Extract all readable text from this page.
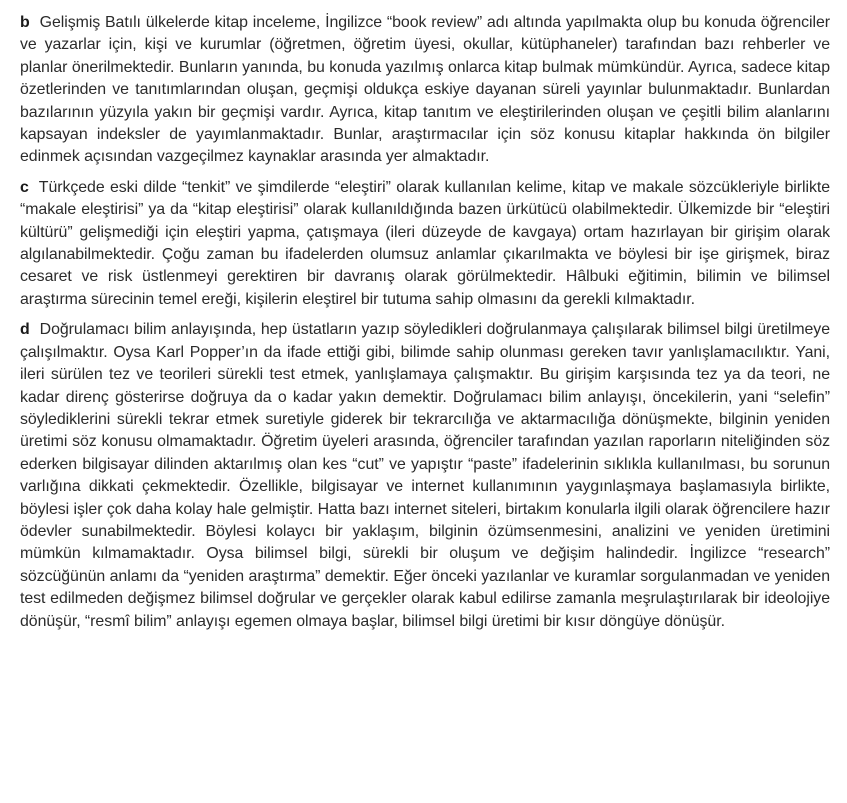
b Gelişmiş Batılı ülkelerde kitap inceleme, İngilizce “book review” adı altında yapılmakta olup bu konuda öğrenciler ve yazarlar için, kişi ve kurumlar (öğretmen, öğretim üyesi, okullar, kütüphaneler) tarafından bazı rehberler ve planlar önerilmektedir. Bunların yanında, bu konuda yazılmış onlarca kitap bulmak mümkündür. Ayrıca, sadece kitap özetlerinden ve tanıtımlarından oluşan, geçmişi oldukça eskiye dayanan süreli yayınlar bulunmaktadır. Bunlardan bazılarının yüzyıla yakın bir geçmişi vardır. Ayrıca, kitap tanıtım ve eleştirilerinden oluşan ve çeşitli bilim alanlarını kapsayan indeksler de yayımlanmaktadır. Bunlar, araştırmacılar için söz konusu kitaplar hakkında ön bilgiler edinmek açısından vazgeçilmez kaynaklar arasında yer almaktadır.

c Türkçede eski dilde “tenkit” ve şimdilerde “eleştiri” olarak kullanılan kelime, kitap ve makale sözcükleriyle birlikte “makale eleştirisi” ya da “kitap eleştirisi” olarak kullanıldığında bazen ürkütücü olabilmektedir. Ülkemizde bir “eleştiri kültürü” gelişmediği için eleştiri yapma, çatışmaya (ileri düzeyde de kavgaya) ortam hazırlayan bir girişim olarak algılanabilmektedir. Çoğu zaman bu ifadelerden olumsuz anlamlar çıkarılmakta ve böylesi bir işe girişmek, biraz cesaret ve risk üstlenmeyi gerektiren bir davranış olarak görülmektedir. Hâlbuki eğitimin, bilimin ve bilimsel araştırma sürecinin temel ereği, kişilerin eleştirel bir tutuma sahip olmasını da gerekli kılmaktadır.

d Doğrulamacı bilim anlayışında, hep üstatların yazıp söyledikleri doğrulanmaya çalışılarak bilimsel bilgi üretilmeye çalışılmaktır. Oysa Karl Popper’ın da ifade ettiği gibi, bilimde sahip olunması gereken tavır yanlışlamacılıktır. Yani, ileri sürülen tez ve teorileri sürekli test etmek, yanlışlamaya çalışmaktır. Bu girişim karşısında tez ya da teori, ne kadar direnç gösterirse doğruya da o kadar yakın demektir. Doğrulamacı bilim anlayışı, öncekilerin, yani “selefin” söylediklerini sürekli tekrar etmek suretiyle giderek bir tekrarcılığa ve aktarmacılığa dönüşmekte, bilginin yeniden üretimi söz konusu olmamaktadır. Öğretim üyeleri arasında, öğrenciler tarafından yazılan raporların niteliğinden söz ederken bilgisayar dilinden aktarılmış olan kes “cut” ve yapıştır “paste” ifadelerinin sıklıkla kullanılması, bu sorunun varlığına dikkati çekmektedir. Özellikle, bilgisayar ve internet kullanımının yaygınlaşmaya başlamasıyla birlikte, böylesi işler çok daha kolay hale gelmiştir. Hatta bazı internet siteleri, birtakım konularla ilgili olarak öğrencilere hazır ödevler sunabilmektedir. Böylesi kolaycı bir yaklaşım, bilginin özümsenmesini, analizini ve yeniden üretimini mümkün kılmamaktadır. Oysa bilimsel bilgi, sürekli bir oluşum ve değişim halindedir. İngilizce “research” sözcüğünün anlamı da “yeniden araştırma” demektir. Eğer önceki yazılanlar ve kuramlar sorgulanmadan ve yeniden test edilmeden değişmez bilimsel doğrular ve gerçekler olarak kabul edilirse zamanla meşrulaştırılarak bir ideolojiye dönüşür, “resmî bilim” anlayışı egemen olmaya başlar, bilimsel bilgi üretimi bir kısır döngüye dönüşür.
